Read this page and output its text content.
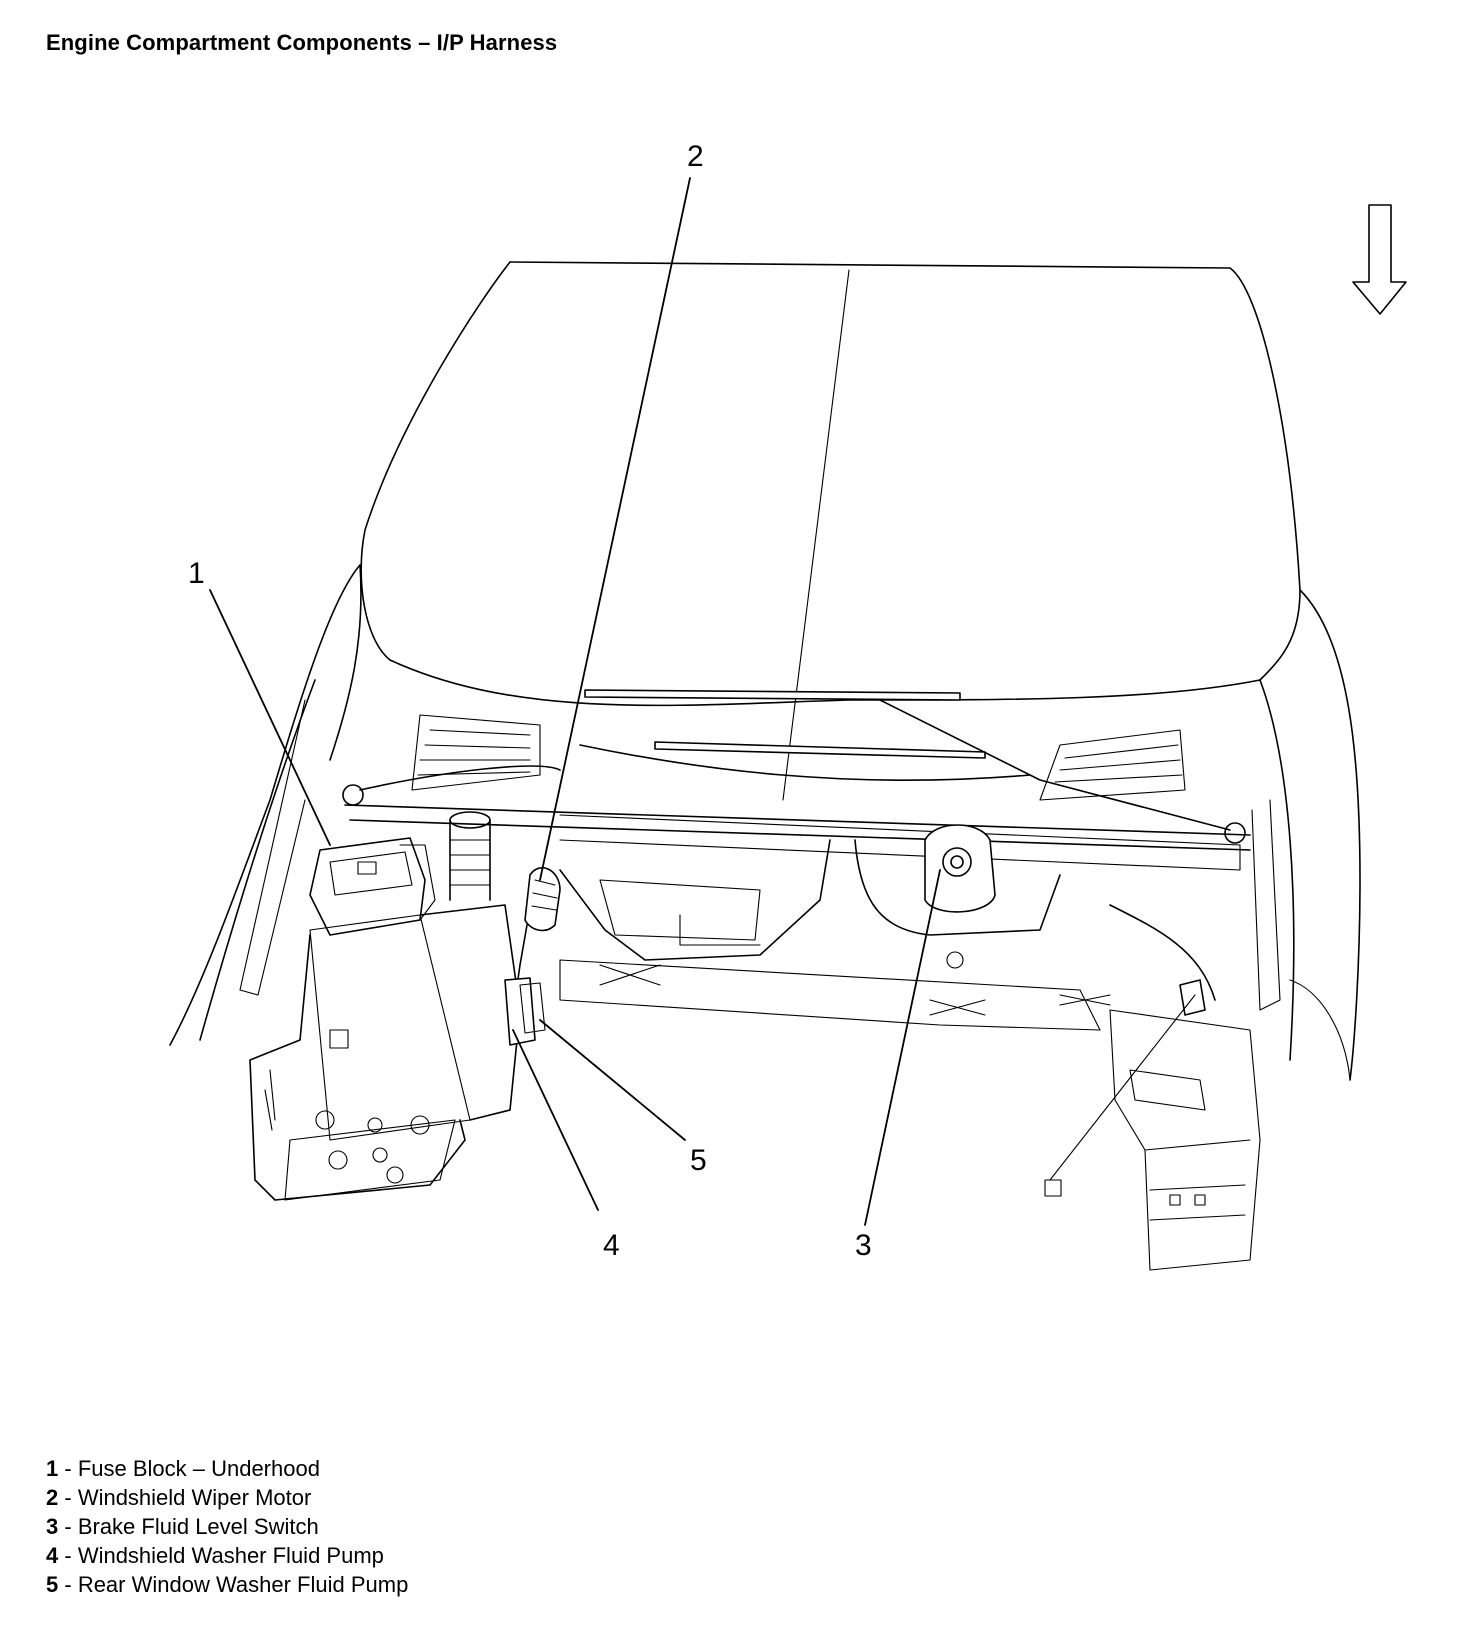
Engine Compartment Components – I/P Harness
1
2
3
4
5
1 - Fuse Block – Underhood
2 - Windshield Wiper Motor
3 - Brake Fluid Level Switch
4 - Windshield Washer Fluid Pump
5 - Rear Window Washer Fluid Pump
